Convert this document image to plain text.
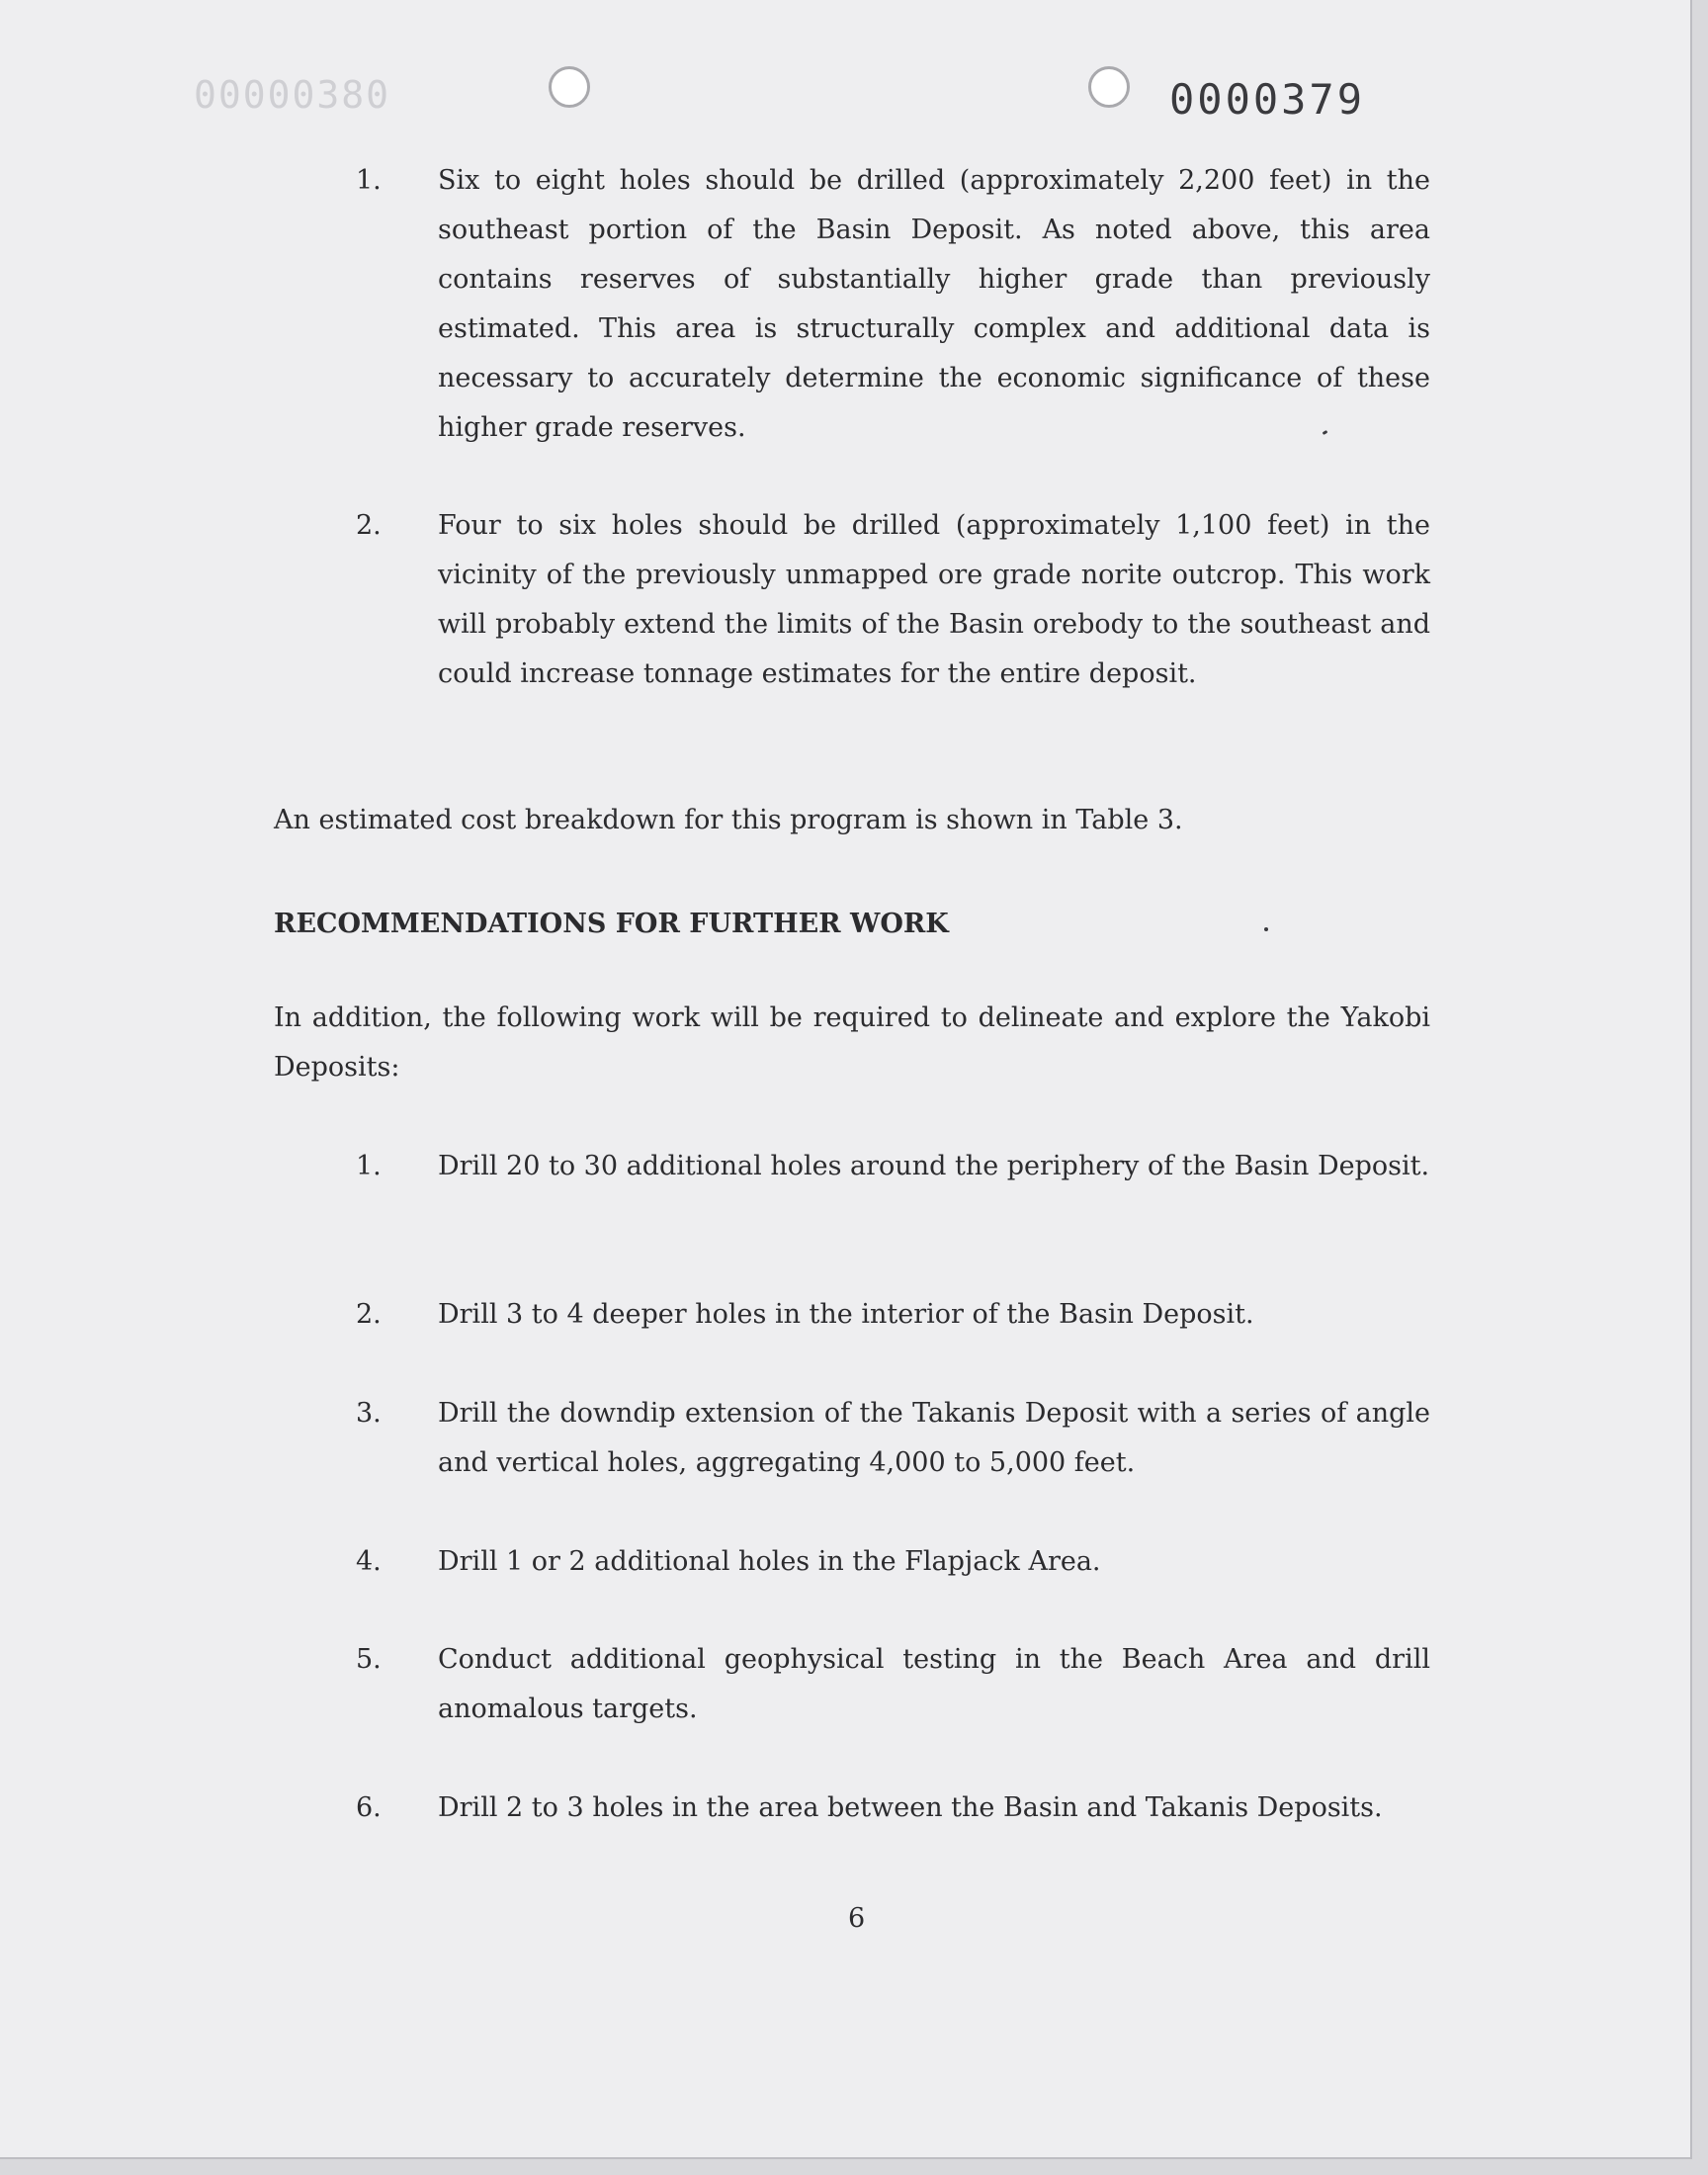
00000380	0000379
1. Six to eight holes should be drilled (approximately 2,200 feet) in the southeast portion of the Basin Deposit. As noted above, this area contains reserves of substantially higher grade than previously estimated. This area is structurally complex and additional data is necessary to accurately determine the economic significance of these higher grade reserves.
2. Four to six holes should be drilled (approximately 1,100 feet) in the vicinity of the previously unmapped ore grade norite outcrop. This work will probably extend the limits of the Basin orebody to the southeast and could increase tonnage estimates for the entire deposit.
An estimated cost breakdown for this program is shown in Table 3.
RECOMMENDATIONS FOR FURTHER WORK
In addition, the following work will be required to delineate and explore the Yakobi Deposits:
1. Drill 20 to 30 additional holes around the periphery of the Basin Deposit.
2. Drill 3 to 4 deeper holes in the interior of the Basin Deposit.
3. Drill the downdip extension of the Takanis Deposit with a series of angle and vertical holes, aggregating 4,000 to 5,000 feet.
4. Drill 1 or 2 additional holes in the Flapjack Area.
5. Conduct additional geophysical testing in the Beach Area and drill anomalous targets.
6. Drill 2 to 3 holes in the area between the Basin and Takanis Deposits.
6
